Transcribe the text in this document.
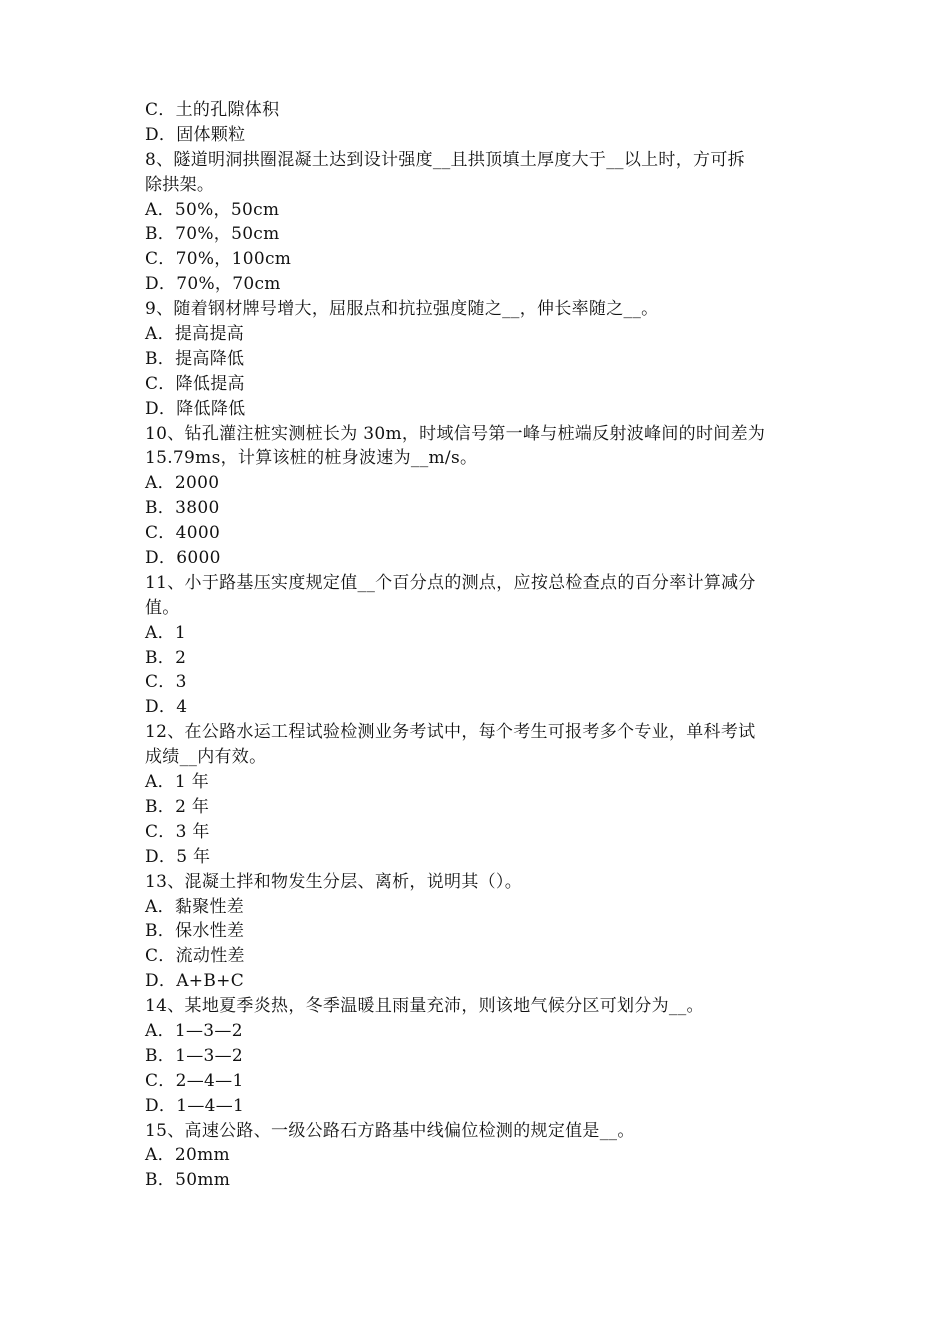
C．土的孔隙体积
D．固体颗粒
8、隧道明洞拱圈混凝土达到设计强度__且拱顶填土厚度大于__以上时，方可拆
除拱架。
A．50%，50cm
B．70%，50cm
C．70%，100cm
D．70%，70cm
9、随着钢材牌号增大，屈服点和抗拉强度随之__，伸长率随之__。
A．提高提高
B．提高降低
C．降低提高
D．降低降低
10、钻孔灌注桩实测桩长为 30m，时域信号第一峰与桩端反射波峰间的时间差为
15.79ms，计算该桩的桩身波速为__m/s。
A．2000
B．3800
C．4000
D．6000
11、小于路基压实度规定值__个百分点的测点，应按总检查点的百分率计算减分
值。
A．1
B．2
C．3
D．4
12、在公路水运工程试验检测业务考试中，每个考生可报考多个专业，单科考试
成绩__内有效。
A．1 年
B．2 年
C．3 年
D．5 年
13、混凝土拌和物发生分层、离析，说明其（）。
A．黏聚性差
B．保水性差
C．流动性差
D．A+B+C
14、某地夏季炎热，冬季温暖且雨量充沛，则该地气候分区可划分为__。
A．1—3—2
B．1—3—2
C．2—4—1
D．1—4—1
15、高速公路、一级公路石方路基中线偏位检测的规定值是__。
A．20mm
B．50mm
